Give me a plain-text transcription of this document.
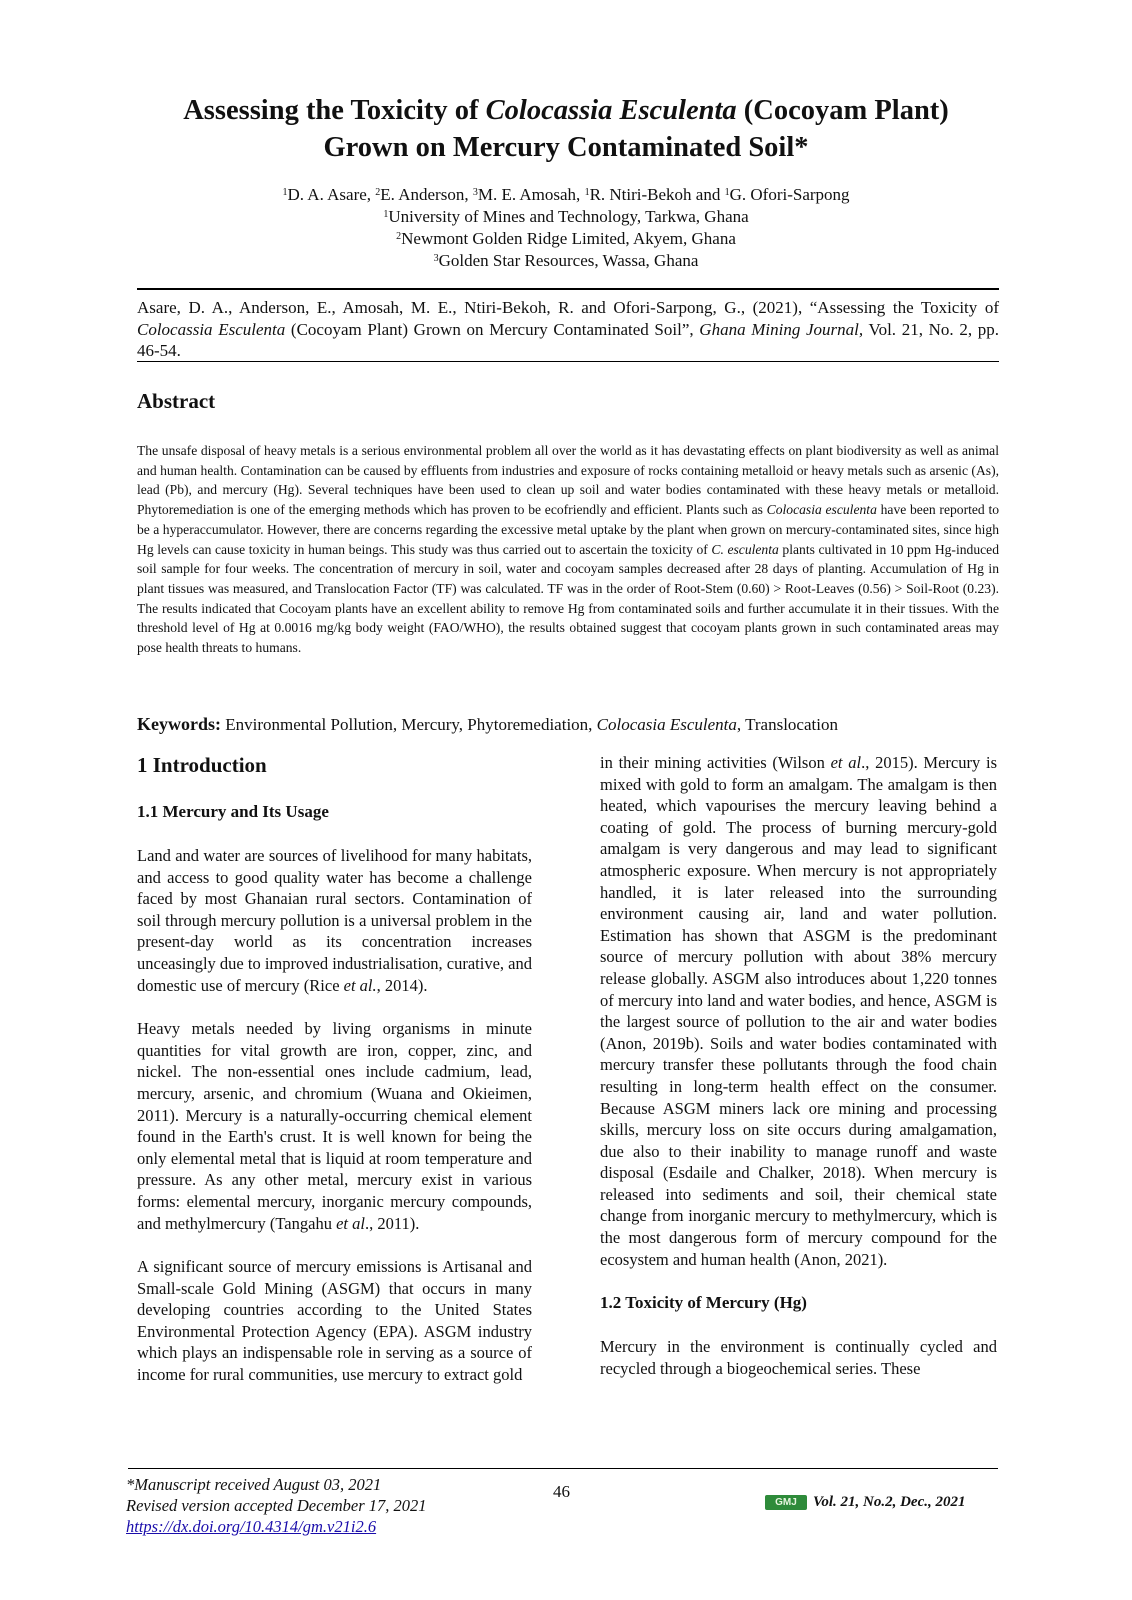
Assessing the Toxicity of Colocassia Esculenta (Cocoyam Plant)
Grown on Mercury Contaminated Soil*
$^1$D. A. Asare, $^2$E. Anderson, $^3$M. E. Amosah, $^1$R. Ntiri-Bekoh and $^1$G. Ofori-Sarpong
$^1$University of Mines and Technology, Tarkwa, Ghana
$^2$Newmont Golden Ridge Limited, Akyem, Ghana
$^3$Golden Star Resources, Wassa, Ghana

Asare, D. A., Anderson, E., Amosah, M. E., Ntiri-Bekoh, R. and Ofori-Sarpong, G., (2021), “Assessing the Toxicity of Colocassia Esculenta (Cocoyam Plant) Grown on Mercury Contaminated Soil”, Ghana Mining Journal, Vol. 21, No. 2, pp. 46-54.

Abstract

The unsafe disposal of heavy metals is a serious environmental problem all over the world as it has devastating effects on plant biodiversity as well as animal and human health. Contamination can be caused by effluents from industries and exposure of rocks containing metalloid or heavy metals such as arsenic (As), lead (Pb), and mercury (Hg). Several techniques have been used to clean up soil and water bodies contaminated with these heavy metals or metalloid. Phytoremediation is one of the emerging methods which has proven to be ecofriendly and efficient. Plants such as Colocasia esculenta have been reported to be a hyperaccumulator. However, there are concerns regarding the excessive metal uptake by the plant when grown on mercury-contaminated sites, since high Hg levels can cause toxicity in human beings. This study was thus carried out to ascertain the toxicity of C. esculenta plants cultivated in 10 ppm Hg-induced soil sample for four weeks. The concentration of mercury in soil, water and cocoyam samples decreased after 28 days of planting. Accumulation of Hg in plant tissues was measured, and Translocation Factor (TF) was calculated. TF was in the order of Root-Stem (0.60) > Root-Leaves (0.56) > Soil-Root (0.23). The results indicated that Cocoyam plants have an excellent ability to remove Hg from contaminated soils and further accumulate it in their tissues. With the threshold level of Hg at 0.0016 mg/kg body weight (FAO/WHO), the results obtained suggest that cocoyam plants grown in such contaminated areas may pose health threats to humans.

Keywords: Environmental Pollution, Mercury, Phytoremediation, Colocasia Esculenta, Translocation

1 Introduction
1.1 Mercury and Its Usage

Land and water are sources of livelihood for many habitats, and access to good quality water has become a challenge faced by most Ghanaian rural sectors. Contamination of soil through mercury pollution is a universal problem in the present-day world as its concentration increases unceasingly due to improved industrialisation, curative, and domestic use of mercury (Rice et al., 2014).

Heavy metals needed by living organisms in minute quantities for vital growth are iron, copper, zinc, and nickel. The non-essential ones include cadmium, lead, mercury, arsenic, and chromium (Wuana and Okieimen, 2011). Mercury is a naturally-occurring chemical element found in the Earth's crust. It is well known for being the only elemental metal that is liquid at room temperature and pressure. As any other metal, mercury exist in various forms: elemental mercury, inorganic mercury compounds, and methylmercury (Tangahu et al., 2011).

A significant source of mercury emissions is Artisanal and Small-scale Gold Mining (ASGM) that occurs in many developing countries according to the United States Environmental Protection Agency (EPA). ASGM industry which plays an indispensable role in serving as a source of income for rural communities, use mercury to extract gold

in their mining activities (Wilson et al., 2015). Mercury is mixed with gold to form an amalgam. The amalgam is then heated, which vapourises the mercury leaving behind a coating of gold. The process of burning mercury-gold amalgam is very dangerous and may lead to significant atmospheric exposure. When mercury is not appropriately handled, it is later released into the surrounding environment causing air, land and water pollution. Estimation has shown that ASGM is the predominant source of mercury pollution with about 38% mercury release globally. ASGM also introduces about 1,220 tonnes of mercury into land and water bodies, and hence, ASGM is the largest source of pollution to the air and water bodies (Anon, 2019b). Soils and water bodies contaminated with mercury transfer these pollutants through the food chain resulting in long-term health effect on the consumer. Because ASGM miners lack ore mining and processing skills, mercury loss on site occurs during amalgamation, due also to their inability to manage runoff and waste disposal (Esdaile and Chalker, 2018). When mercury is released into sediments and soil, their chemical state change from inorganic mercury to methylmercury, which is the most dangerous form of mercury compound for the ecosystem and human health (Anon, 2021).

1.2 Toxicity of Mercury (Hg)

Mercury in the environment is continually cycled and recycled through a biogeochemical series. These

*Manuscript received August 03, 2021
Revised version accepted December 17, 2021
https://dx.doi.org/10.4314/gm.v21i2.6
46
GMJ	Vol. 21, No.2, Dec., 2021
